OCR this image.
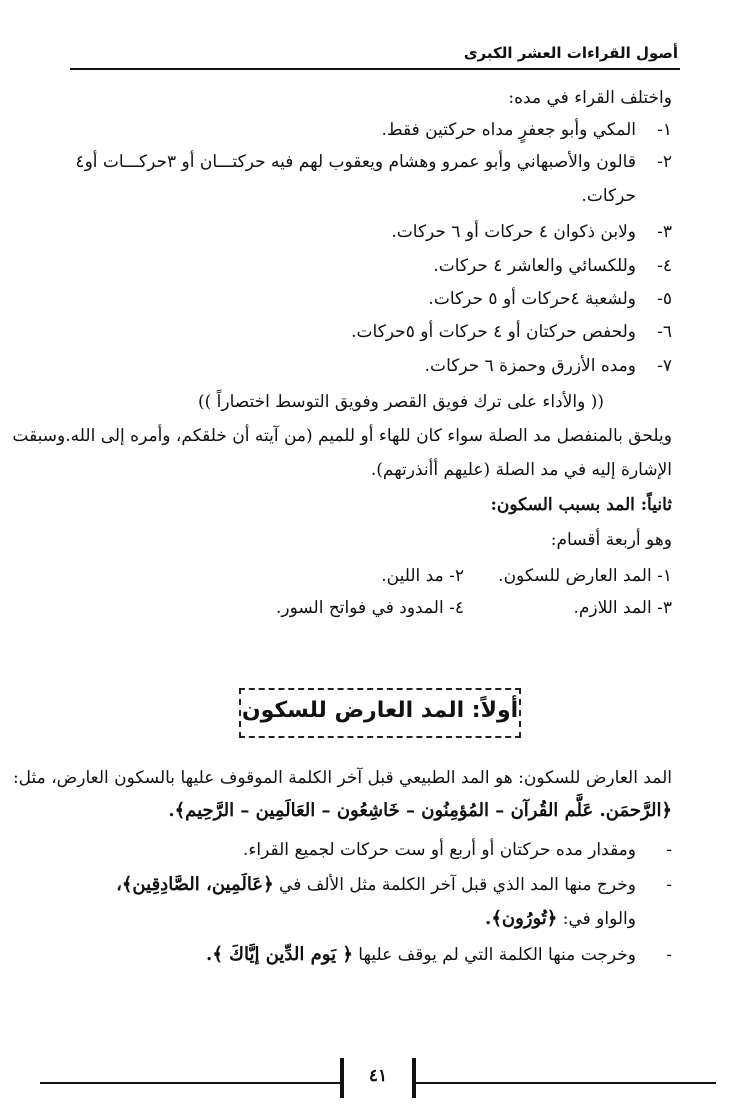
أصول القراءات العشر الكبرى
واختلف القراء في مده:
١-المكي وأبو جعفرٍ مداه حركتين فقط.
٢-قالون والأصبهاني وأبو عمرو وهشام ويعقوب لهم فيه حركتـــان أو ٣حركـــات أو٤
حركات.
٣-ولابن ذكوان ٤ حركات أو ٦ حركات.
٤-وللكسائي والعاشر ٤ حركات.
٥-ولشعبة ٤حركات أو ٥ حركات.
٦-ولحفص حركتان أو ٤ حركات أو ٥حركات.
٧-ومده الأزرق وحمزة ٦ حركات.
(( والأداء على ترك فويق القصر وفويق التوسط اختصاراً ))
ويلحق بالمنفصل مد الصلة سواء كان للهاء أو للميم (من آيته أن خلقكم، وأمره إلى الله.وسبقت
الإشارة إليه في مد الصلة (عليهم أأنذرتهم).
ثانياً: المد بسبب السكون:
وهو أربعة أقسام:
١- المد العارض للسكون.
٢- مد اللين.
٣- المد اللازم.
٤- المدود في فواتح السور.
أولاً: المد العارض للسكون
المد العارض للسكون: هو المد الطبيعي قبل آخر الكلمة الموقوف عليها بالسكون العارض، مثل:
﴿الرَّحمَن. عَلَّم القُرآن – المُؤمِنُون – خَاشِعُون – العَالَمِين – الرَّحِيم﴾.
-ومقدار مده حركتان أو أربع أو ست حركات لجميع القراء.
-وخرج منها المد الذي قبل آخر الكلمة مثل الألف في ﴿عَالَمِين، الصَّادِقِين﴾،
والواو في: ﴿تُورُون﴾.
-وخرجت منها الكلمة التي لم يوقف عليها ﴿ يَوم الدِّين إيَّاكَ ﴾.
٤١
